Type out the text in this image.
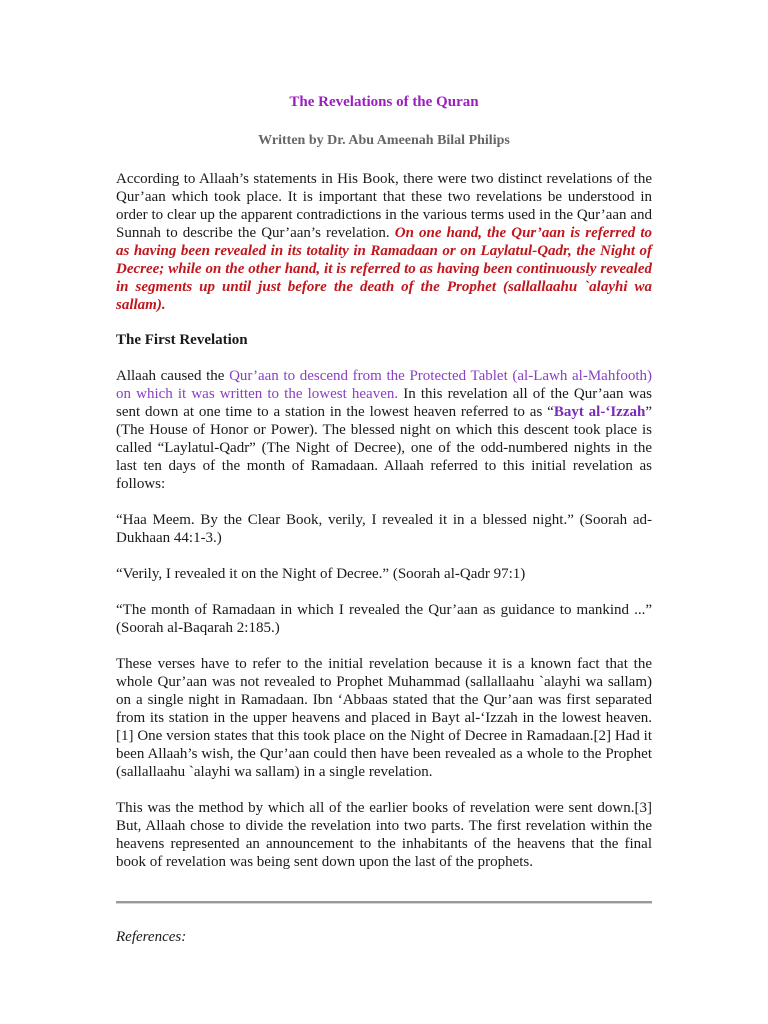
The Revelations of the Quran
Written by Dr. Abu Ameenah Bilal Philips

According to Allaah’s statements in His Book, there were two distinct revelations of the Qur’aan which took place. It is important that these two revelations be understood in order to clear up the apparent contradictions in the various terms used in the Qur’aan and Sunnah to describe the Qur’aan’s revelation. On one hand, the Qur’aan is referred to as having been revealed in its totality in Ramadaan or on Laylatul-Qadr, the Night of Decree; while on the other hand, it is referred to as having been continuously revealed in segments up until just before the death of the Prophet (sallallaahu `alayhi wa sallam).

The First Revelation

Allaah caused the Qur’aan to descend from the Protected Tablet (al-Lawh al-Mahfooth) on which it was written to the lowest heaven. In this revelation all of the Qur’aan was sent down at one time to a station in the lowest heaven referred to as “Bayt al-‘Izzah” (The House of Honor or Power). The blessed night on which this descent took place is called “Laylatul-Qadr” (The Night of Decree), one of the odd-numbered nights in the last ten days of the month of Ramadaan. Allaah referred to this initial revelation as follows:

“Haa Meem. By the Clear Book, verily, I revealed it in a blessed night.” (Soorah ad-Dukhaan 44:1-3.)

“Verily, I revealed it on the Night of Decree.” (Soorah al-Qadr 97:1)

“The month of Ramadaan in which I revealed the Qur’aan as guidance to mankind ...” (Soorah al-Baqarah 2:185.)

These verses have to refer to the initial revelation because it is a known fact that the whole Qur’aan was not revealed to Prophet Muhammad (sallallaahu `alayhi wa sallam) on a single night in Ramadaan. Ibn ‘Abbaas stated that the Qur’aan was first separated from its station in the upper heavens and placed in Bayt al-‘Izzah in the lowest heaven.[1] One version states that this took place on the Night of Decree in Ramadaan.[2] Had it been Allaah’s wish, the Qur’aan could then have been revealed as a whole to the Prophet (sallallaahu `alayhi wa sallam) in a single revelation.

This was the method by which all of the earlier books of revelation were sent down.[3] But, Allaah chose to divide the revelation into two parts. The first revelation within the heavens represented an announcement to the inhabitants of the heavens that the final book of revelation was being sent down upon the last of the prophets.

References:
